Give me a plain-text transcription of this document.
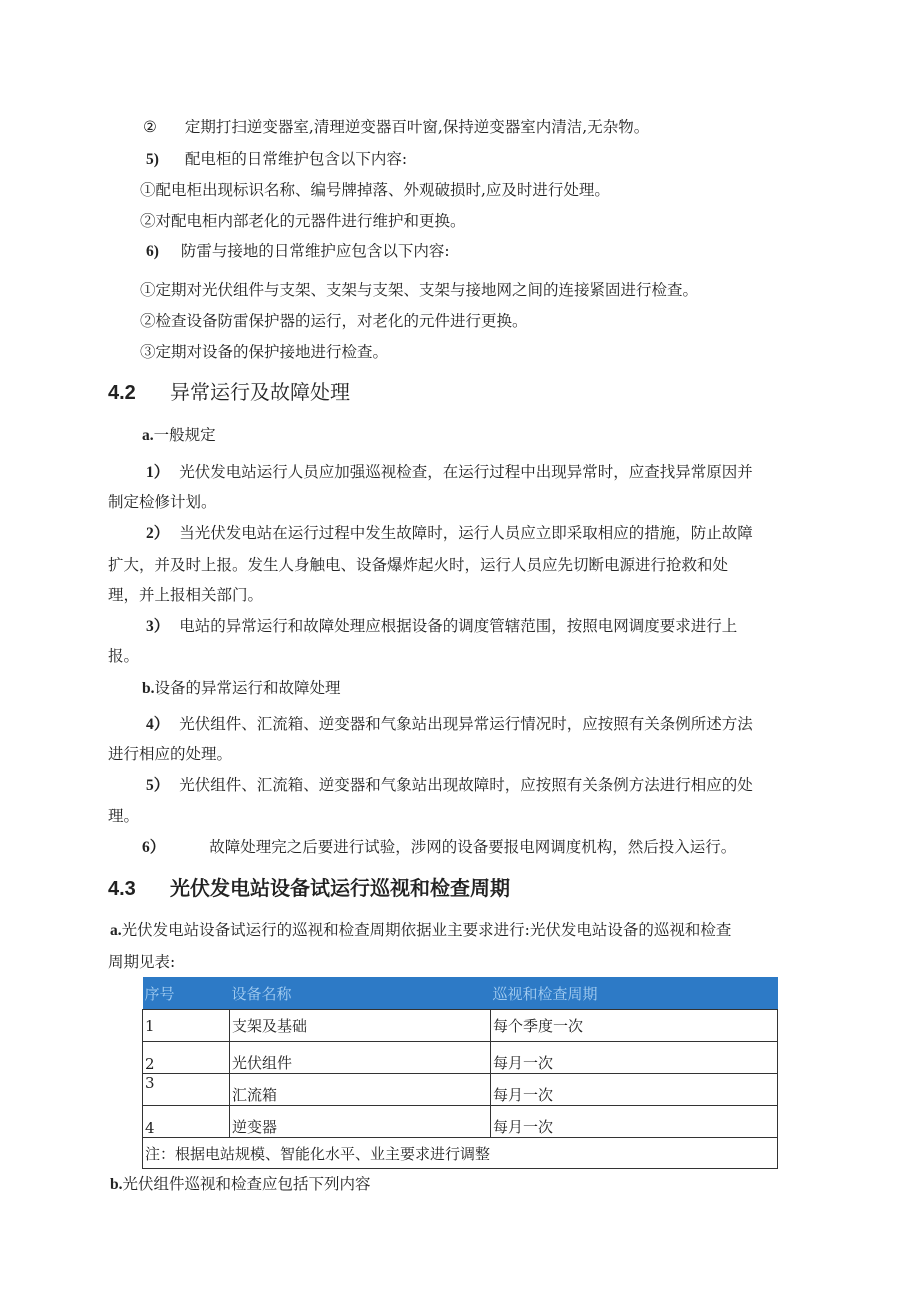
② 定期打扫逆变器室,清理逆变器百叶窗,保持逆变器室内清洁,无杂物。
5) 配电柜的日常维护包含以下内容:
①配电柜出现标识名称、编号牌掉落、外观破损时,应及时进行处理。
②对配电柜内部老化的元器件进行维护和更换。
6) 防雷与接地的日常维护应包含以下内容:
①定期对光伏组件与支架、支架与支架、支架与接地网之间的连接紧固进行检查。
②检查设备防雷保护器的运行，对老化的元件进行更换。
③定期对设备的保护接地进行检查。
4.2 异常运行及故障处理
a.一般规定
1） 光伏发电站运行人员应加强巡视检查，在运行过程中出现异常时，应查找异常原因并
制定检修计划。
2） 当光伏发电站在运行过程中发生故障时，运行人员应立即采取相应的措施，防止故障
扩大，并及时上报。发生人身触电、设备爆炸起火时，运行人员应先切断电源进行抢救和处
理，并上报相关部门。
3） 电站的异常运行和故障处理应根据设备的调度管辖范围，按照电网调度要求进行上
报。
b.设备的异常运行和故障处理
4） 光伏组件、汇流箱、逆变器和气象站出现异常运行情况时，应按照有关条例所述方法
进行相应的处理。
5） 光伏组件、汇流箱、逆变器和气象站出现故障时，应按照有关条例方法进行相应的处
理。
6）	故障处理完之后要进行试验，涉网的设备要报电网调度机构，然后投入运行。
4.3 光伏发电站设备试运行巡视和检查周期
a.光伏发电站设备试运行的巡视和检查周期依据业主要求进行:光伏发电站设备的巡视和检查
周期见表:
序号	设备名称	巡视和检查周期
1	支架及基础	每个季度一次
2	光伏组件	每月一次
3	汇流箱	每月一次
4	逆变器	每月一次
注：根据电站规模、智能化水平、业主要求进行调整		
b.光伏组件巡视和检查应包括下列内容
